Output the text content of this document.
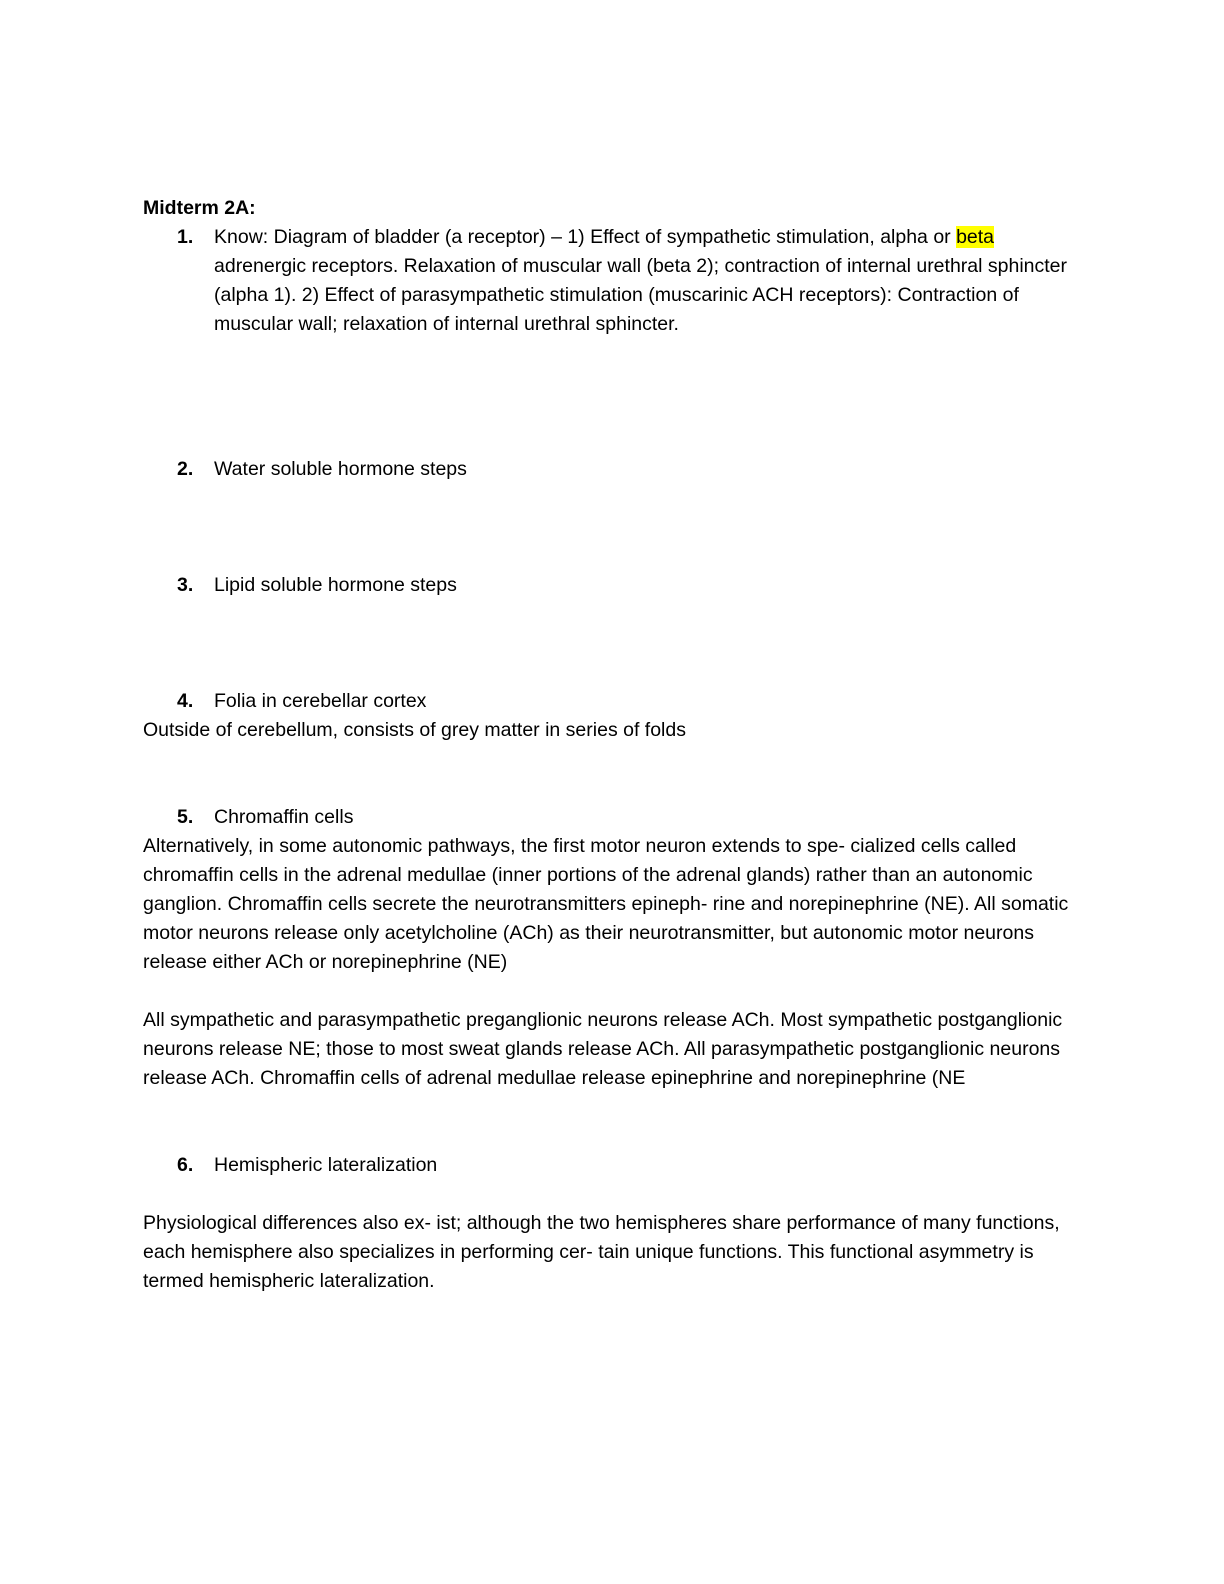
Midterm 2A:
1. Know: Diagram of bladder (a receptor) – 1) Effect of sympathetic stimulation, alpha or beta adrenergic receptors. Relaxation of muscular wall (beta 2); contraction of internal urethral sphincter (alpha 1). 2) Effect of parasympathetic stimulation (muscarinic ACH receptors): Contraction of muscular wall; relaxation of internal urethral sphincter.
2. Water soluble hormone steps
3. Lipid soluble hormone steps
4. Folia in cerebellar cortex
Outside of cerebellum, consists of grey matter in series of folds
5. Chromaffin cells
Alternatively, in some autonomic pathways, the first motor neuron extends to spe- cialized cells called chromaffin cells in the adrenal medullae (inner portions of the adrenal glands) rather than an autonomic ganglion. Chromaffin cells secrete the neurotransmitters epineph- rine and norepinephrine (NE). All somatic motor neurons release only acetylcholine (ACh) as their neurotransmitter, but autonomic motor neurons release either ACh or norepinephrine (NE)
All sympathetic and parasympathetic preganglionic neurons release ACh. Most sympathetic postganglionic neurons release NE; those to most sweat glands release ACh. All parasympathetic postganglionic neurons release ACh. Chromaffin cells of adrenal medullae release epinephrine and norepinephrine (NE
6. Hemispheric lateralization
Physiological differences also ex- ist; although the two hemispheres share performance of many functions, each hemisphere also specializes in performing cer- tain unique functions. This functional asymmetry is termed hemispheric lateralization.
